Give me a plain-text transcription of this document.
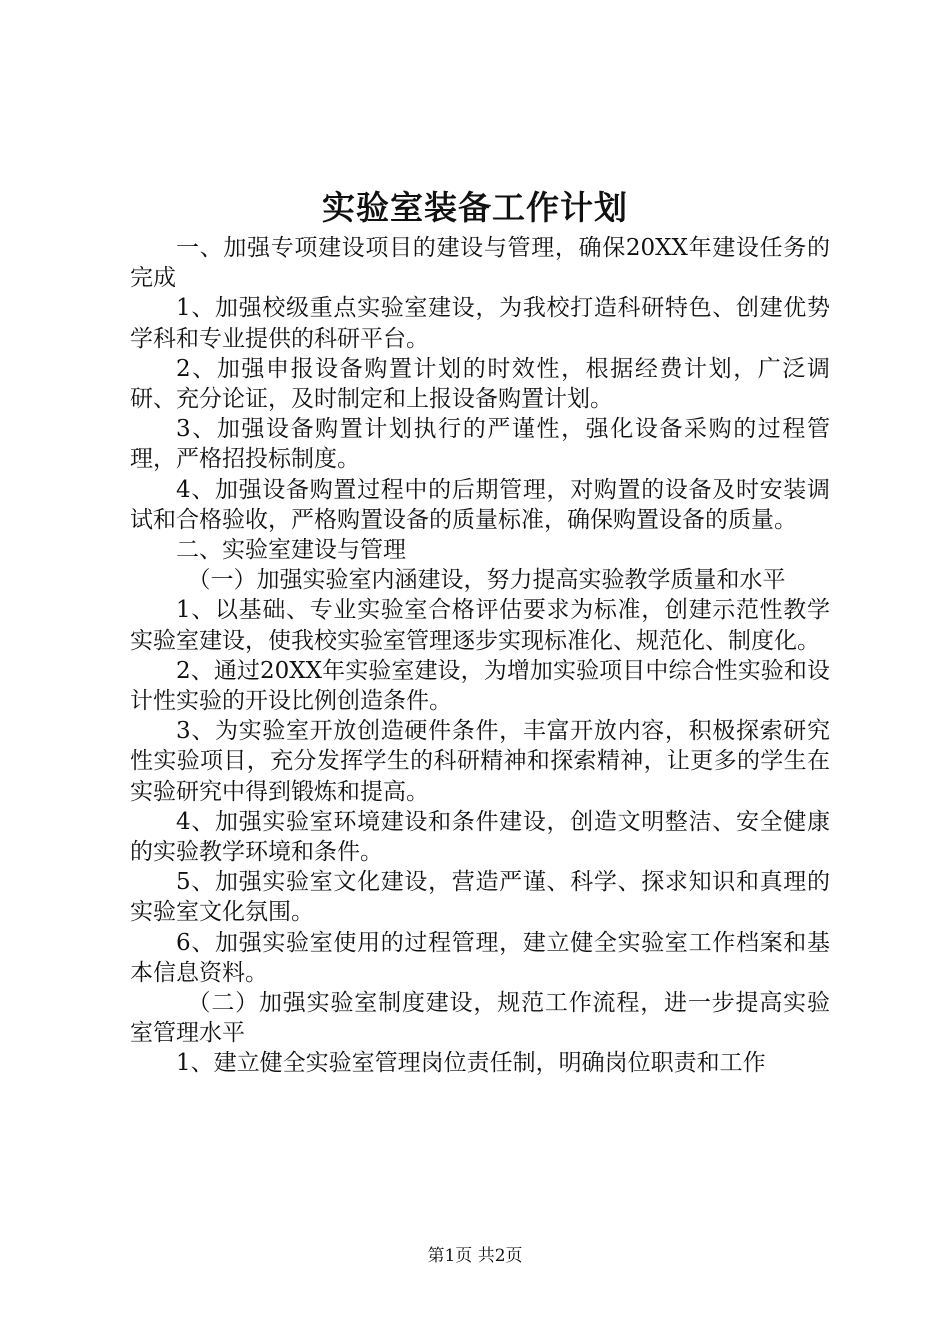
实验室装备工作计划

一、加强专项建设项目的建设与管理，确保20XX年建设任务的完成

1、加强校级重点实验室建设，为我校打造科研特色、创建优势学科和专业提供的科研平台。

2、加强申报设备购置计划的时效性，根据经费计划，广泛调研、充分论证，及时制定和上报设备购置计划。

3、加强设备购置计划执行的严谨性，强化设备采购的过程管理，严格招投标制度。

4、加强设备购置过程中的后期管理，对购置的设备及时安装调试和合格验收，严格购置设备的质量标准，确保购置设备的质量。

二、实验室建设与管理

（一）加强实验室内涵建设，努力提高实验教学质量和水平

1、以基础、专业实验室合格评估要求为标准，创建示范性教学实验室建设，使我校实验室管理逐步实现标准化、规范化、制度化。

2、通过20XX年实验室建设，为增加实验项目中综合性实验和设计性实验的开设比例创造条件。

3、为实验室开放创造硬件条件，丰富开放内容，积极探索研究性实验项目，充分发挥学生的科研精神和探索精神，让更多的学生在实验研究中得到锻炼和提高。

4、加强实验室环境建设和条件建设，创造文明整洁、安全健康的实验教学环境和条件。

5、加强实验室文化建设，营造严谨、科学、探求知识和真理的实验室文化氛围。

6、加强实验室使用的过程管理，建立健全实验室工作档案和基本信息资料。

（二）加强实验室制度建设，规范工作流程，进一步提高实验室管理水平

1、建立健全实验室管理岗位责任制，明确岗位职责和工作

第1页 共2页
